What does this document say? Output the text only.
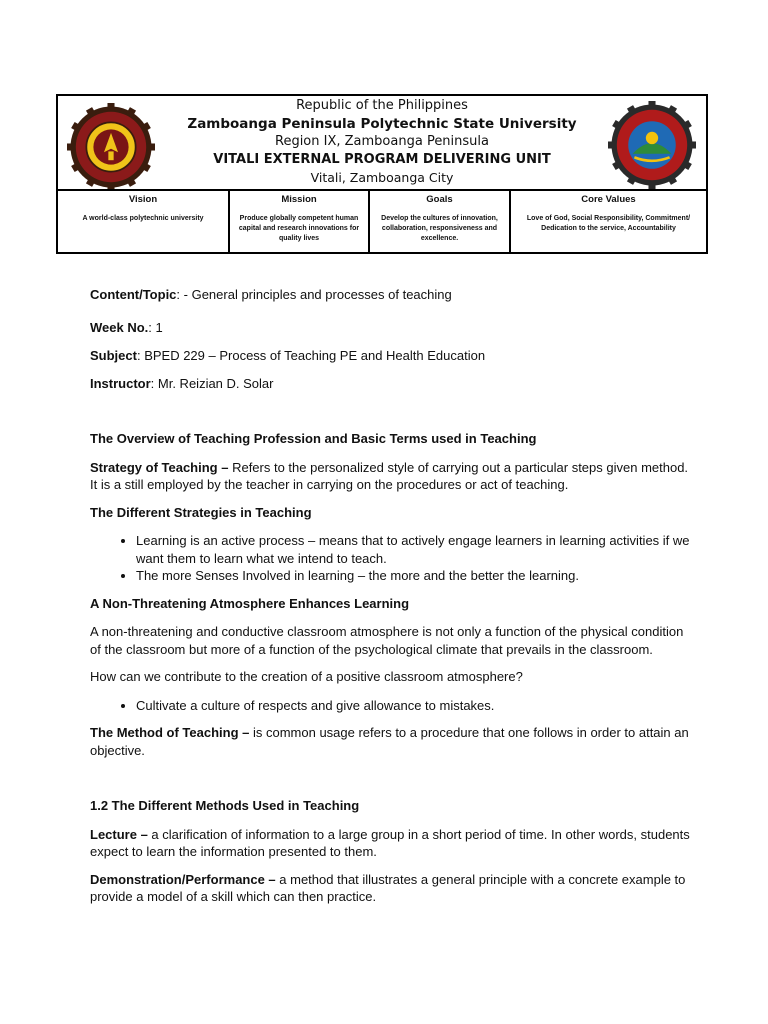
Republic of the Philippines
Zamboanga Peninsula Polytechnic State University
Region IX, Zamboanga Peninsula
VITALI EXTERNAL PROGRAM DELIVERING UNIT
Vitali, Zamboanga City
Vision
A world-class polytechnic university
Mission
Produce globally competent human capital and research innovations for quality lives
Goals
Develop the cultures of innovation, collaboration, responsiveness and excellence.
Core Values
Love of God, Social Responsibility, Commitment/ Dedication to the service, Accountability

Content/Topic: - General principles and processes of teaching

Week No.: 1

Subject: BPED 229 – Process of Teaching PE and Health Education

Instructor: Mr. Reizian D. Solar

The Overview of Teaching Profession and Basic Terms used in Teaching

Strategy of Teaching – Refers to the personalized style of carrying out a particular steps given method. It is a still employed by the teacher in carrying on the procedures or act of teaching.

The Different Strategies in Teaching

• Learning is an active process – means that to actively engage learners in learning activities if we want them to learn what we intend to teach.
• The more Senses Involved in learning – the more and the better the learning.

A Non-Threatening Atmosphere Enhances Learning

A non-threatening and conductive classroom atmosphere is not only a function of the physical condition of the classroom but more of a function of the psychological climate that prevails in the classroom.

How can we contribute to the creation of a positive classroom atmosphere?

• Cultivate a culture of respects and give allowance to mistakes.

The Method of Teaching – is common usage refers to a procedure that one follows in order to attain an objective.

1.2 The Different Methods Used in Teaching

Lecture – a clarification of information to a large group in a short period of time. In other words, students expect to learn the information presented to them.

Demonstration/Performance – a method that illustrates a general principle with a concrete example to provide a model of a skill which can then practice.
